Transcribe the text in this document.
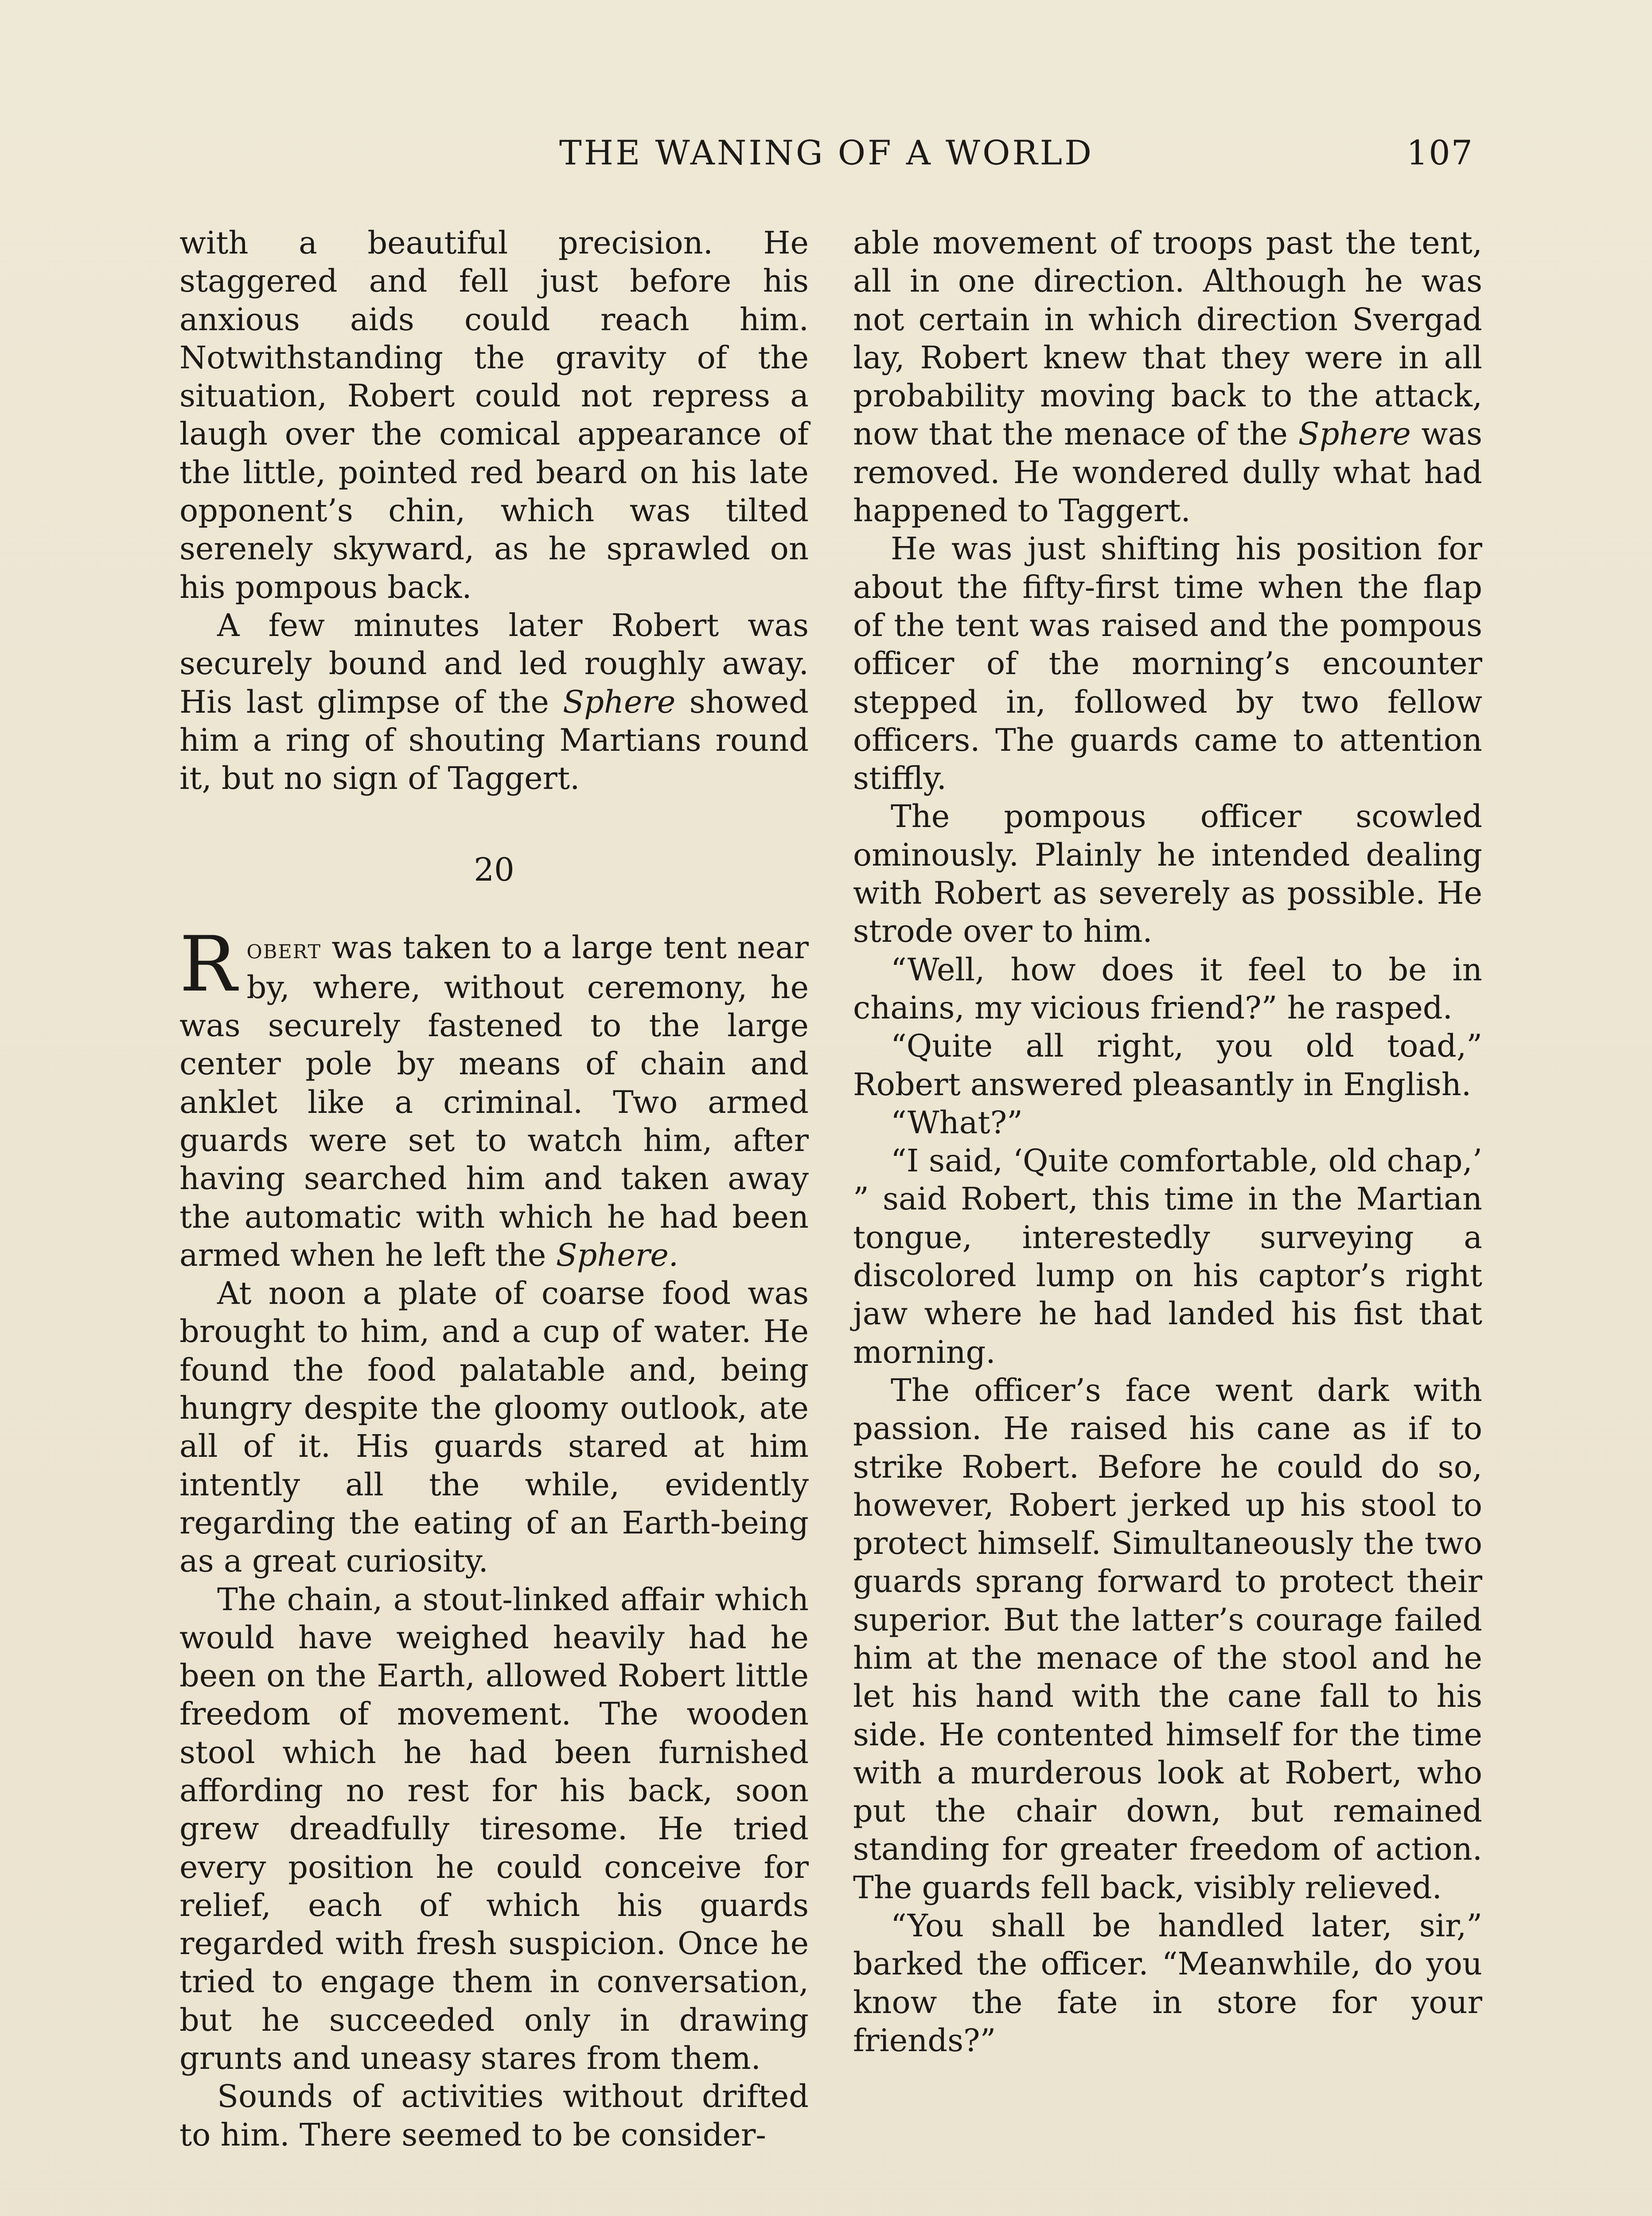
THE WANING OF A WORLD	107

with a beautiful precision. He staggered and fell just before his anxious aids could reach him. Notwithstanding the gravity of the situation, Robert could not repress a laugh over the comical appearance of the little, pointed red beard on his late opponent’s chin, which was tilted serenely skyward, as he sprawled on his pompous back.

A few minutes later Robert was securely bound and led roughly away. His last glimpse of the Sphere showed him a ring of shouting Martians round it, but no sign of Taggert.

20

Robert was taken to a large tent near by, where, without ceremony, he was securely fastened to the large center pole by means of chain and anklet like a criminal. Two armed guards were set to watch him, after having searched him and taken away the automatic with which he had been armed when he left the Sphere.

At noon a plate of coarse food was brought to him, and a cup of water. He found the food palatable and, being hungry despite the gloomy outlook, ate all of it. His guards stared at him intently all the while, evidently regarding the eating of an Earth-being as a great curiosity.

The chain, a stout-linked affair which would have weighed heavily had he been on the Earth, allowed Robert little freedom of movement. The wooden stool which he had been furnished affording no rest for his back, soon grew dreadfully tiresome. He tried every position he could conceive for relief, each of which his guards regarded with fresh suspicion. Once he tried to engage them in conversation, but he succeeded only in drawing grunts and uneasy stares from them.

Sounds of activities without drifted to him. There seemed to be consider-

able movement of troops past the tent, all in one direction. Although he was not certain in which direction Svergad lay, Robert knew that they were in all probability moving back to the attack, now that the menace of the Sphere was removed. He wondered dully what had happened to Taggert.

He was just shifting his position for about the fifty-first time when the flap of the tent was raised and the pompous officer of the morning’s encounter stepped in, followed by two fellow officers. The guards came to attention stiffly.

The pompous officer scowled ominously. Plainly he intended dealing with Robert as severely as possible. He strode over to him.

“Well, how does it feel to be in chains, my vicious friend?” he rasped.

“Quite all right, you old toad,” Robert answered pleasantly in English.

“What?”

“I said, ‘Quite comfortable, old chap,’ ” said Robert, this time in the Martian tongue, interestedly surveying a discolored lump on his captor’s right jaw where he had landed his fist that morning.

The officer’s face went dark with passion. He raised his cane as if to strike Robert. Before he could do so, however, Robert jerked up his stool to protect himself. Simultaneously the two guards sprang forward to protect their superior. But the latter’s courage failed him at the menace of the stool and he let his hand with the cane fall to his side. He contented himself for the time with a murderous look at Robert, who put the chair down, but remained standing for greater freedom of action. The guards fell back, visibly relieved.

“You shall be handled later, sir,” barked the officer. “Meanwhile, do you know the fate in store for your friends?”
